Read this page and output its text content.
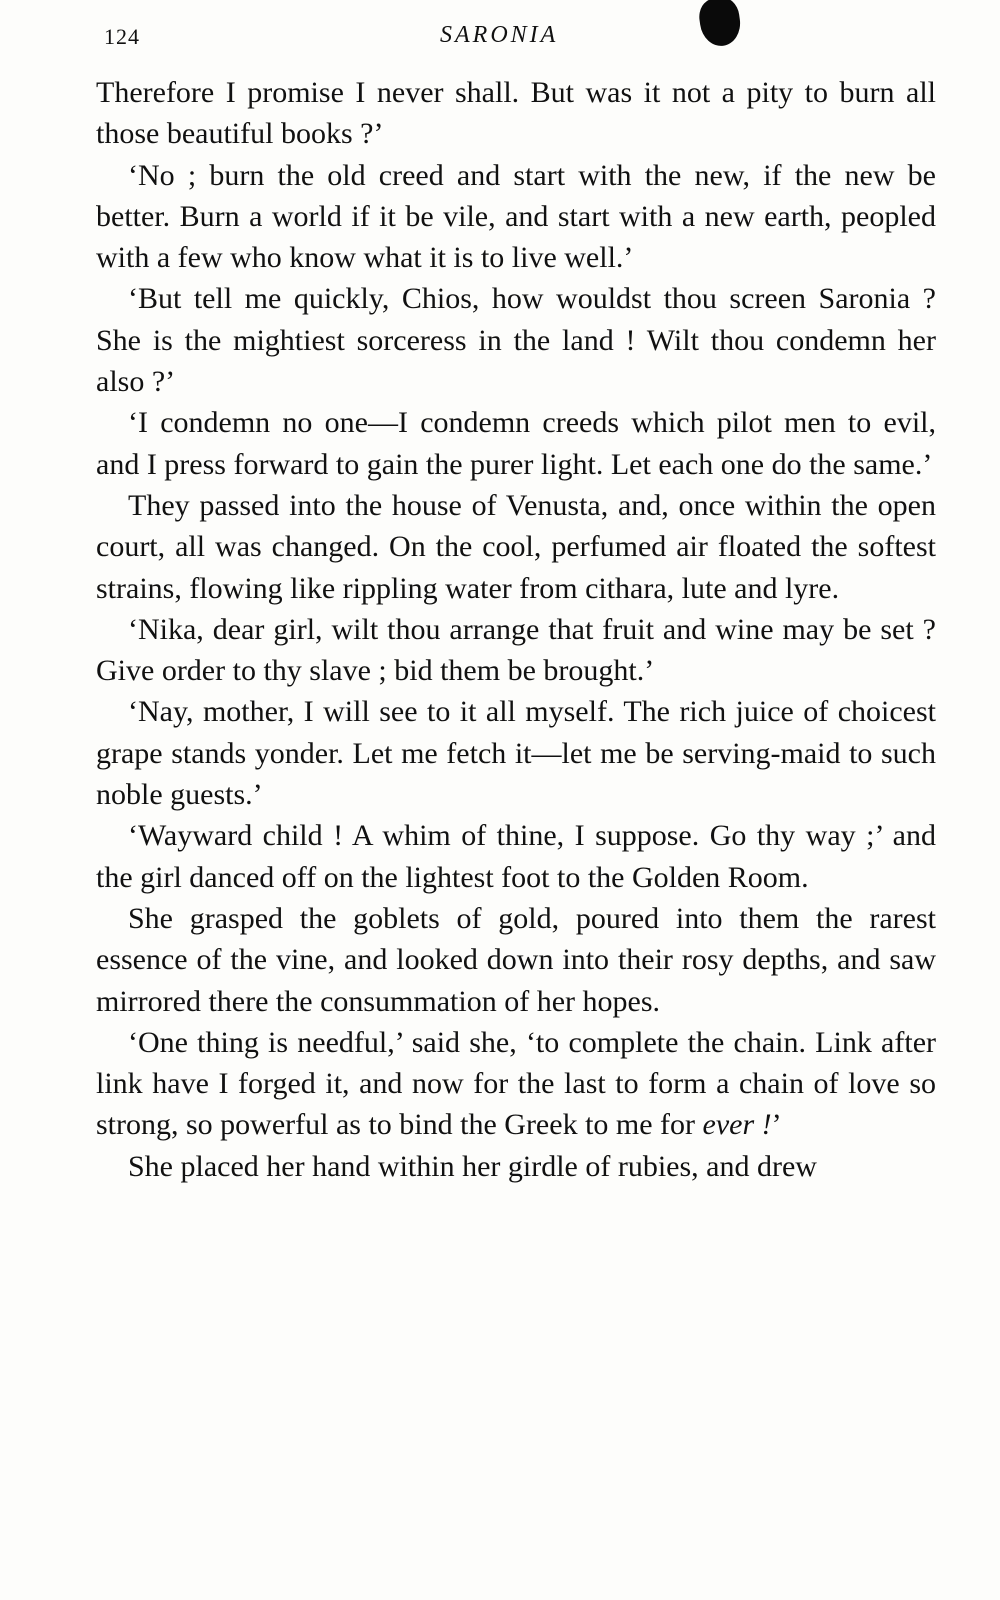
124	SARONIA

Therefore I promise I never shall. But was it not a pity to burn all those beautiful books ?’

‘No ; burn the old creed and start with the new, if the new be better. Burn a world if it be vile, and start with a new earth, peopled with a few who know what it is to live well.’

‘But tell me quickly, Chios, how wouldst thou screen Saronia ? She is the mightiest sorceress in the land ! Wilt thou condemn her also ?’

‘I condemn no one—I condemn creeds which pilot men to evil, and I press forward to gain the purer light. Let each one do the same.’

They passed into the house of Venusta, and, once within the open court, all was changed. On the cool, perfumed air floated the softest strains, flowing like rippling water from cithara, lute and lyre.

‘Nika, dear girl, wilt thou arrange that fruit and wine may be set ? Give order to thy slave ; bid them be brought.’

‘Nay, mother, I will see to it all myself. The rich juice of choicest grape stands yonder. Let me fetch it—let me be serving-maid to such noble guests.’

‘Wayward child ! A whim of thine, I suppose. Go thy way ;’ and the girl danced off on the lightest foot to the Golden Room.

She grasped the goblets of gold, poured into them the rarest essence of the vine, and looked down into their rosy depths, and saw mirrored there the consummation of her hopes.

‘One thing is needful,’ said she, ‘to complete the chain. Link after link have I forged it, and now for the last to form a chain of love so strong, so powerful as to bind the Greek to me for ever !’

She placed her hand within her girdle of rubies, and drew
